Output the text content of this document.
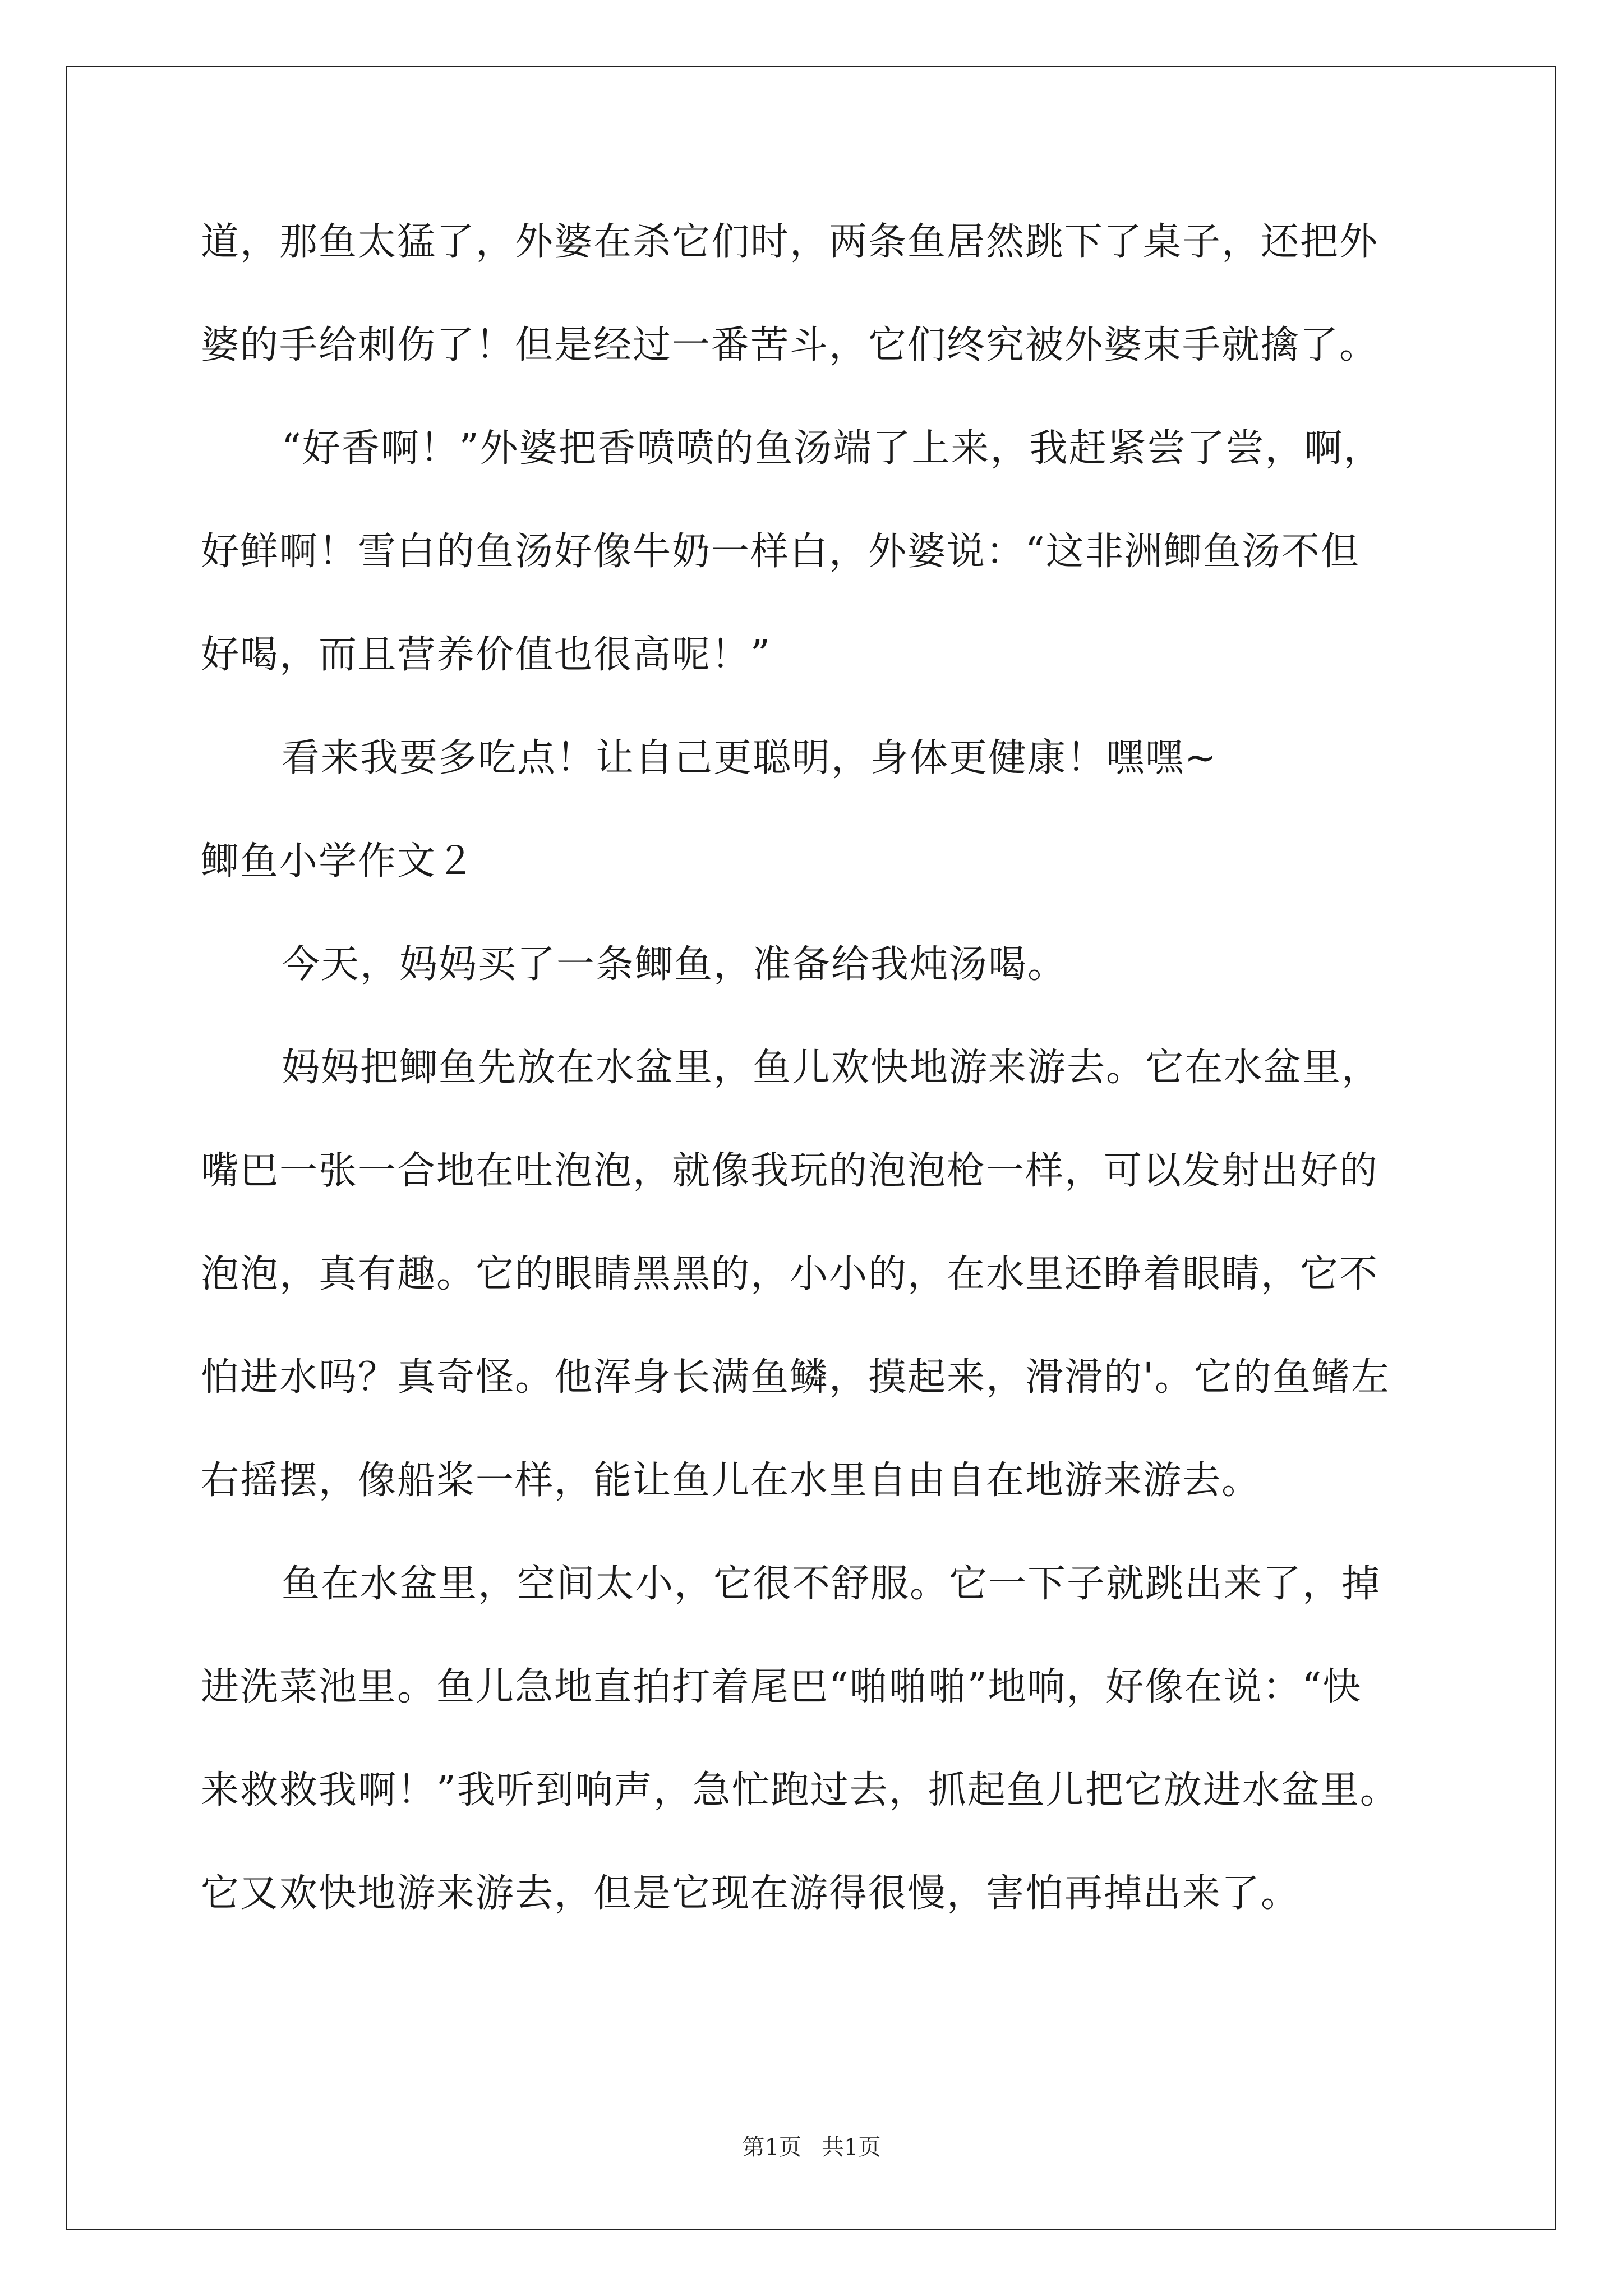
道，那鱼太猛了，外婆在杀它们时，两条鱼居然跳下了桌子，还把外
婆的手给刺伤了！但是经过一番苦斗，它们终究被外婆束手就擒了。
“好香啊！”外婆把香喷喷的鱼汤端了上来，我赶紧尝了尝，啊，
好鲜啊！雪白的鱼汤好像牛奶一样白，外婆说：“这非洲鲫鱼汤不但
好喝，而且营养价值也很高呢！”
看来我要多吃点！让自己更聪明，身体更健康！嘿嘿~
鲫鱼小学作文２
今天，妈妈买了一条鲫鱼，准备给我炖汤喝。
妈妈把鲫鱼先放在水盆里，鱼儿欢快地游来游去。它在水盆里，
嘴巴一张一合地在吐泡泡，就像我玩的泡泡枪一样，可以发射出好的
泡泡，真有趣。它的眼睛黑黑的，小小的，在水里还睁着眼睛，它不
怕进水吗？真奇怪。他浑身长满鱼鳞，摸起来，滑滑的'。它的鱼鳍左
右摇摆，像船桨一样，能让鱼儿在水里自由自在地游来游去。
鱼在水盆里，空间太小，它很不舒服。它一下子就跳出来了，掉
进洗菜池里。鱼儿急地直拍打着尾巴“啪啪啪”地响，好像在说：“快
来救救我啊！”我听到响声，急忙跑过去，抓起鱼儿把它放进水盆里。
它又欢快地游来游去，但是它现在游得很慢，害怕再掉出来了。
第1页 共1页
